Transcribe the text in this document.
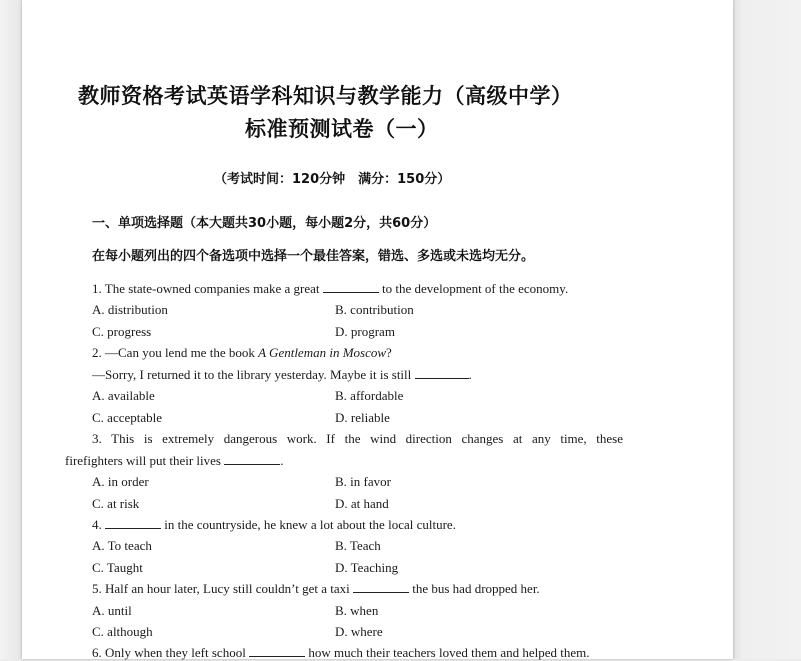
教师资格考试英语学科知识与教学能力（高级中学）
标准预测试卷（一）
（考试时间：120分钟　满分：150分）
一、单项选择题（本大题共30小题，每小题2分，共60分）
在每小题列出的四个备选项中选择一个最佳答案，错选、多选或未选均无分。
1. The state-owned companies make a great	to the development of the economy.
A. distribution	B. contribution
C. progress	D. program
2. —Can you lend me the book A Gentleman in Moscow?
—Sorry, I returned it to the library yesterday. Maybe it is still	.
A. available	B. affordable
C. acceptable	D. reliable
3. This is extremely dangerous work. If the wind direction changes at any time, these
firefighters will put their lives	.
A. in order	B. in favor
C. at risk	D. at hand
4.	in the countryside, he knew a lot about the local culture.
A. To teach	B. Teach
C. Taught	D. Teaching
5. Half an hour later, Lucy still couldn’t get a taxi	the bus had dropped her.
A. until	B. when
C. although	D. where
6. Only when they left school	how much their teachers loved them and helped them.
